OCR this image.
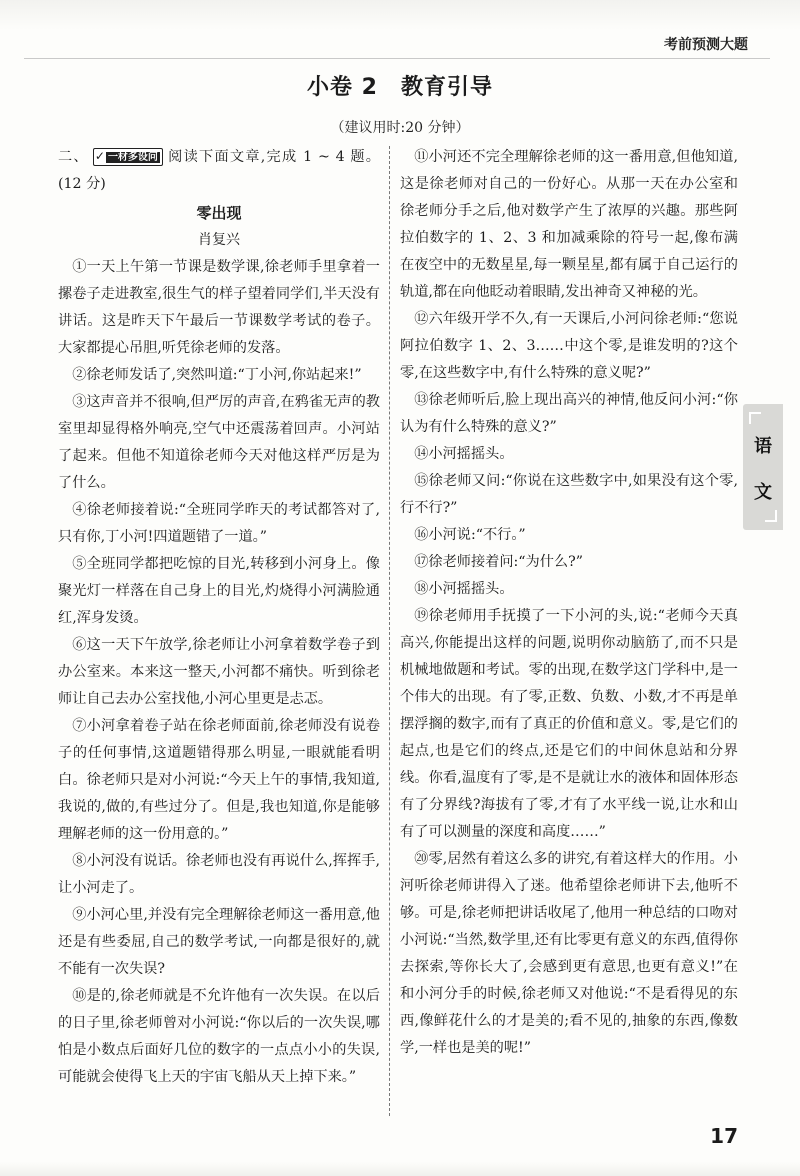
考前预测大题
小卷 2　教育引导
（建议用时:20 分钟）

二、 ✓ 一材多设问 阅读下面文章,完成 1 ~ 4 题。(12 分)

零出现
肖复兴

①一天上午第一节课是数学课,徐老师手里拿着一摞卷子走进教室,很生气的样子望着同学们,半天没有讲话。这是昨天下午最后一节课数学考试的卷子。大家都提心吊胆,听凭徐老师的发落。

②徐老师发话了,突然叫道:“丁小河,你站起来!”

③这声音并不很响,但严厉的声音,在鸦雀无声的教室里却显得格外响亮,空气中还震荡着回声。小河站了起来。但他不知道徐老师今天对他这样严厉是为了什么。

④徐老师接着说:“全班同学昨天的考试都答对了,只有你,丁小河!四道题错了一道。”

⑤全班同学都把吃惊的目光,转移到小河身上。像聚光灯一样落在自己身上的目光,灼烧得小河满脸通红,浑身发烫。

⑥这一天下午放学,徐老师让小河拿着数学卷子到办公室来。本来这一整天,小河都不痛快。听到徐老师让自己去办公室找他,小河心里更是忐忑。

⑦小河拿着卷子站在徐老师面前,徐老师没有说卷子的任何事情,这道题错得那么明显,一眼就能看明白。徐老师只是对小河说:“今天上午的事情,我知道,我说的,做的,有些过分了。但是,我也知道,你是能够理解老师的这一份用意的。”

⑧小河没有说话。徐老师也没有再说什么,挥挥手,让小河走了。

⑨小河心里,并没有完全理解徐老师这一番用意,他还是有些委屈,自己的数学考试,一向都是很好的,就不能有一次失误?

⑩是的,徐老师就是不允许他有一次失误。在以后的日子里,徐老师曾对小河说:“你以后的一次失误,哪怕是小数点后面好几位的数字的一点点小小的失误,可能就会使得飞上天的宇宙飞船从天上掉下来。”

⑪小河还不完全理解徐老师的这一番用意,但他知道,这是徐老师对自己的一份好心。从那一天在办公室和徐老师分手之后,他对数学产生了浓厚的兴趣。那些阿拉伯数字的 1、2、3 和加减乘除的符号一起,像布满在夜空中的无数星星,每一颗星星,都有属于自己运行的轨道,都在向他眨动着眼睛,发出神奇又神秘的光。

⑫六年级开学不久,有一天课后,小河问徐老师:“您说阿拉伯数字 1、2、3……中这个零,是谁发明的?这个零,在这些数字中,有什么特殊的意义呢?”

⑬徐老师听后,脸上现出高兴的神情,他反问小河:“你认为有什么特殊的意义?”

⑭小河摇摇头。

⑮徐老师又问:“你说在这些数字中,如果没有这个零,行不行?”

⑯小河说:“不行。”

⑰徐老师接着问:“为什么?”

⑱小河摇摇头。

⑲徐老师用手抚摸了一下小河的头,说:“老师今天真高兴,你能提出这样的问题,说明你动脑筋了,而不只是机械地做题和考试。零的出现,在数学这门学科中,是一个伟大的出现。有了零,正数、负数、小数,才不再是单摆浮搁的数字,而有了真正的价值和意义。零,是它们的起点,也是它们的终点,还是它们的中间休息站和分界线。你看,温度有了零,是不是就让水的液体和固体形态有了分界线?海拔有了零,才有了水平线一说,让水和山有了可以测量的深度和高度……”

⑳零,居然有着这么多的讲究,有着这样大的作用。小河听徐老师讲得入了迷。他希望徐老师讲下去,他听不够。可是,徐老师把讲话收尾了,他用一种总结的口吻对小河说:“当然,数学里,还有比零更有意义的东西,值得你去探索,等你长大了,会感到更有意思,也更有意义!”在和小河分手的时候,徐老师又对他说:“不是看得见的东西,像鲜花什么的才是美的;看不见的,抽象的东西,像数学,一样也是美的呢!”

语
文
17
